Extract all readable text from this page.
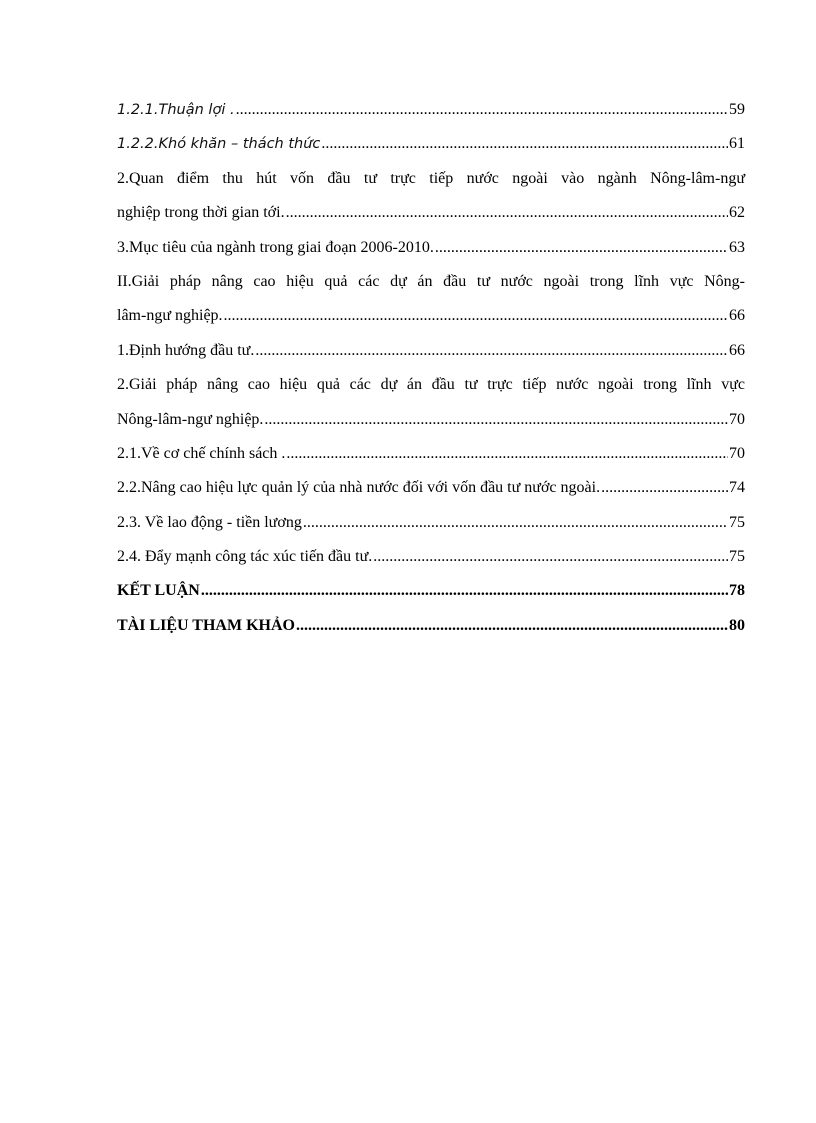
1.2.1.Thuận lợi . .....	59
1.2.2.Khó khăn – thách thức .....	61
2.Quan điểm thu hút vốn đầu tư trực tiếp nước ngoài vào ngành Nông-lâm-ngư
nghiệp trong thời gian tới. .....	62
3.Mục tiêu của ngành trong giai đoạn 2006-2010. .....	63
II.Giải pháp nâng cao hiệu quả các dự án đầu tư nước ngoài trong lĩnh vực Nông-
lâm-ngư nghiệp. .....	66
1.Định hướng đầu tư. .....	66
2.Giải pháp nâng cao hiệu quả các dự án đầu tư trực tiếp nước ngoài trong lĩnh vực
Nông-lâm-ngư nghiệp. .....	70
2.1.Về cơ chế chính sách . .....	70
2.2.Nâng cao hiệu lực quản lý của nhà nước đối với vốn đầu tư nước ngoài. .....	74
2.3. Về lao động - tiền lương .....	75
2.4. Đẩy mạnh công tác xúc tiến đầu tư. .....	75
KẾT LUẬN .....	78
TÀI LIỆU THAM KHẢO .....	80
